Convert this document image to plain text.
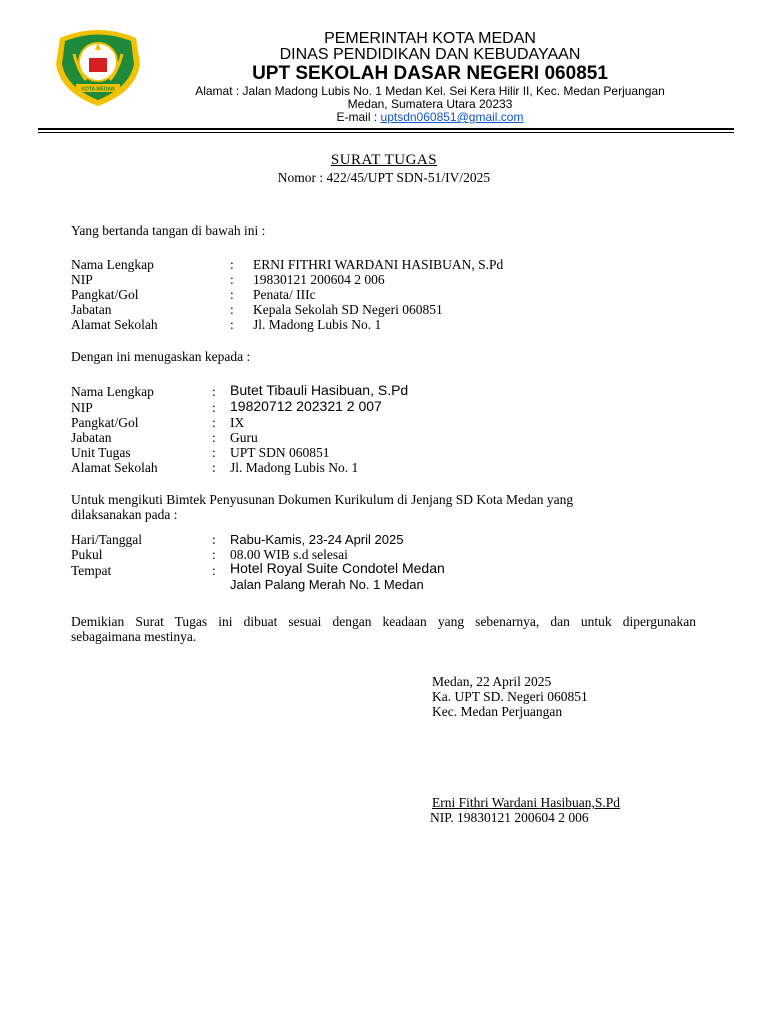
KOTA MEDAN
PEMERINTAH KOTA MEDAN
DINAS PENDIDIKAN DAN KEBUDAYAAN
UPT SEKOLAH DASAR NEGERI 060851
Alamat : Jalan Madong Lubis No. 1 Medan Kel. Sei Kera Hilir II, Kec. Medan Perjuangan
Medan, Sumatera Utara 20233
E-mail : uptsdn060851@gmail.com
SURAT TUGAS
Nomor : 422/45/UPT SDN-51/IV/2025
Yang bertanda tangan di bawah ini :
Nama Lengkap	: ERNI FITHRI WARDANI HASIBUAN, S.Pd
NIP	: 19830121 200604 2 006
Pangkat/Gol	: Penata/ IIIc
Jabatan	: Kepala Sekolah SD Negeri 060851
Alamat Sekolah	: Jl. Madong Lubis No. 1
Dengan ini menugaskan kepada :
Nama Lengkap	: Butet Tibauli Hasibuan, S.Pd
NIP	: 19820712 202321 2 007
Pangkat/Gol	: IX
Jabatan	: Guru
Unit Tugas	: UPT SDN 060851
Alamat Sekolah	: Jl. Madong Lubis No. 1
Untuk mengikuti Bimtek Penyusunan Dokumen Kurikulum di Jenjang SD Kota Medan yang
dilaksanakan pada :
Hari/Tanggal	: Rabu-Kamis, 23-24 April 2025
Pukul	: 08.00 WIB s.d selesai
Tempat	: Hotel Royal Suite Condotel Medan
Jalan Palang Merah No. 1 Medan
Demikian Surat Tugas ini dibuat sesuai dengan keadaan yang sebenarnya, dan untuk dipergunakan
sebagaimana mestinya.
Medan, 22 April 2025
Ka. UPT SD. Negeri 060851
Kec. Medan Perjuangan
Erni Fithri Wardani Hasibuan,S.Pd
NIP. 19830121 200604 2 006
